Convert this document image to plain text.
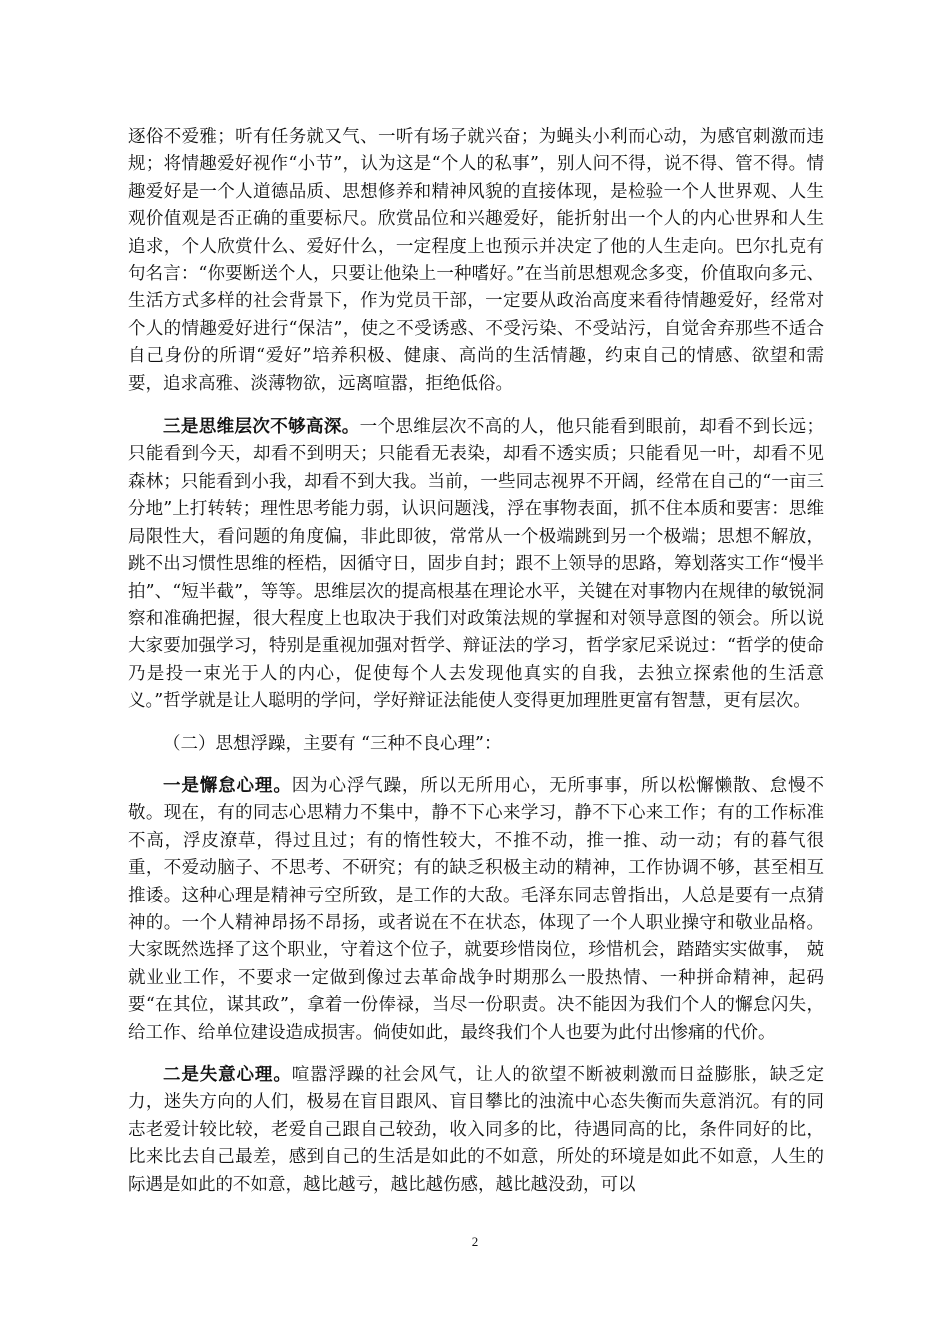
逐俗不爱雅；听有任务就又气、一听有场子就兴奋；为蝇头小利而心动，为感官刺激而违规；将情趣爱好视作“小节”，认为这是“个人的私事”，别人问不得，说不得、管不得。情趣爱好是一个人道德品质、思想修养和精神风貌的直接体现，是检验一个人世界观、人生观价值观是否正确的重要标尺。欣赏品位和兴趣爱好，能折射出一个人的内心世界和人生追求，个人欣赏什么、爱好什么，一定程度上也预示并决定了他的人生走向。巴尔扎克有句名言：“你要断送个人，只要让他染上一种嗜好。”在当前思想观念多变，价值取向多元、生活方式多样的社会背景下，作为党员干部，一定要从政治高度来看待情趣爱好，经常对个人的情趣爱好进行“保洁”，使之不受诱惑、不受污染、不受站污，自觉舍弃那些不适合自己身份的所谓“爱好”培养积极、健康、高尚的生活情趣，约束自己的情感、欲望和需要，追求高雅、淡薄物欲，远离喧嚣，拒绝低俗。

三是思维层次不够高深。一个思维层次不高的人，他只能看到眼前，却看不到长远；只能看到今天，却看不到明天；只能看无表染，却看不透实质；只能看见一叶，却看不见森林；只能看到小我，却看不到大我。当前，一些同志视界不开阔，经常在自己的“一亩三分地”上打转转；理性思考能力弱，认识问题浅，浮在事物表面，抓不住本质和要害：思维局限性大，看问题的角度偏，非此即彼，常常从一个极端跳到另一个极端；思想不解放，跳不出习惯性思维的桎梏，因循守日，固步自封；跟不上领导的思路，筹划落实工作“慢半拍”、“短半截”，等等。思维层次的提高根基在理论水平，关键在对事物内在规律的敏锐洞察和准确把握，很大程度上也取决于我们对政策法规的掌握和对领导意图的领会。所以说大家要加强学习，特别是重视加强对哲学、辩证法的学习，哲学家尼采说过：“哲学的使命乃是投一束光于人的内心，促使每个人去发现他真实的自我，去独立探索他的生活意义。”哲学就是让人聪明的学问，学好辩证法能使人变得更加理胜更富有智慧，更有层次。

（二）思想浮躁，主要有 “三种不良心理”：

一是懈怠心理。因为心浮气躁，所以无所用心，无所事事，所以松懈懒散、怠慢不敬。现在，有的同志心思精力不集中，静不下心来学习，静不下心来工作；有的工作标准不高，浮皮潦草，得过且过；有的惰性较大，不推不动，推一推、动一动；有的暮气很重，不爱动脑子、不思考、不研究；有的缺乏积极主动的精神，工作协调不够，甚至相互推诿。这种心理是精神亏空所致，是工作的大敌。毛泽东同志曾指出，人总是要有一点猜神的。一个人精神昂扬不昂扬，或者说在不在状态，体现了一个人职业操守和敬业品格。大家既然选择了这个职业，守着这个位子，就要珍惜岗位，珍惜机会，踏踏实实做事， 兢就业业工作，不要求一定做到像过去革命战争时期那么一股热情、一种拼命精神，起码要“在其位，谋其政”，拿着一份俸禄，当尽一份职责。决不能因为我们个人的懈怠闪失， 给工作、给单位建设造成损害。倘使如此，最终我们个人也要为此付出惨痛的代价。

二是失意心理。喧嚣浮躁的社会风气，让人的欲望不断被刺激而日益膨胀，缺乏定力，迷失方向的人们，极易在盲目跟风、盲目攀比的浊流中心态失衡而失意消沉。有的同志老爱计较比较，老爱自己跟自己较劲，收入同多的比，待遇同高的比，条件同好的比，比来比去自己最差，感到自己的生活是如此的不如意，所处的环境是如此不如意，人生的际遇是如此的不如意，越比越亏，越比越伤感，越比越没劲，可以

2
